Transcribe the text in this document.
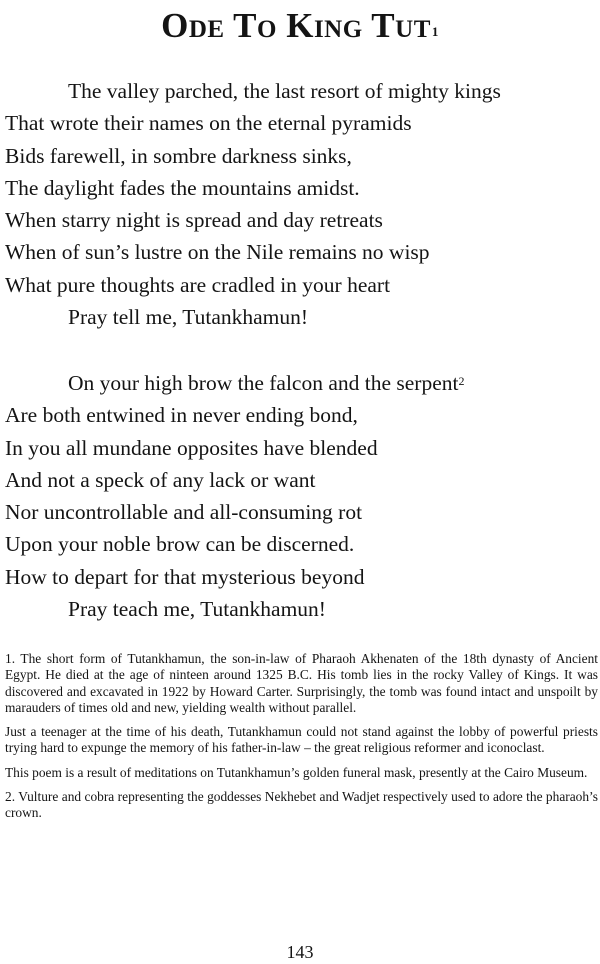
Ode To King Tut$^1$
The valley parched, the last resort of mighty kings
That wrote their names on the eternal pyramids
Bids farewell, in sombre darkness sinks,
The daylight fades the mountains amidst.
When starry night is spread and day retreats
When of sun’s lustre on the Nile remains no wisp
What pure thoughts are cradled in your heart
Pray tell me, Tutankhamun!
On your high brow the falcon and the serpent$^2$
Are both entwined in never ending bond,
In you all mundane opposites have blended
And not a speck of any lack or want
Nor uncontrollable and all-consuming rot
Upon your noble brow can be discerned.
How to depart for that mysterious beyond
Pray teach me, Tutankhamun!

1. The short form of Tutankhamun, the son-in-law of Pharaoh Akhenaten of the 18th dynasty of Ancient Egypt. He died at the age of ninteen around 1325 B.C. His tomb lies in the rocky Valley of Kings. It was discovered and excavated in 1922 by Howard Carter. Surprisingly, the tomb was found intact and unspoilt by marauders of times old and new, yielding wealth without parallel.

Just a teenager at the time of his death, Tutankhamun could not stand against the lobby of powerful priests trying hard to expunge the memory of his father-in-law – the great religious reformer and iconoclast.

This poem is a result of meditations on Tutankhamun’s golden funeral mask, presently at the Cairo Museum.

2. Vulture and cobra representing the goddesses Nekhebet and Wadjet respectively used to adore the pharaoh’s crown.

143
